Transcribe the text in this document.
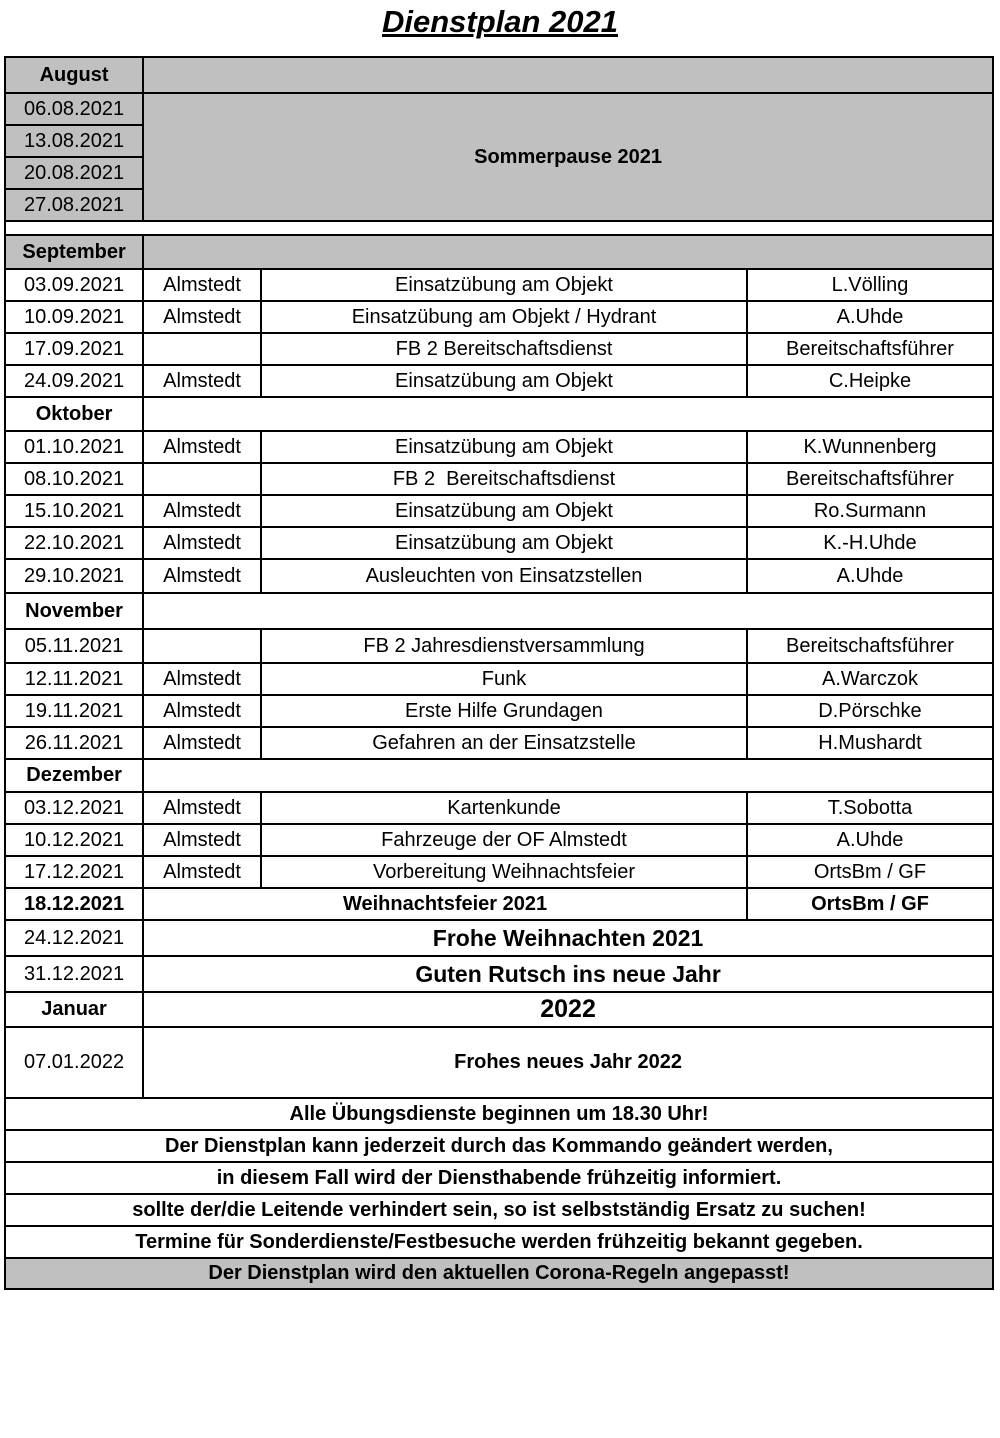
Dienstplan 2021
August			
06.08.2021	Sommerpause 2021		
13.08.2021			
20.08.2021			
27.08.2021			

September			
03.09.2021	Almstedt	Einsatzübung am Objekt	L.Völling
10.09.2021	Almstedt	Einsatzübung am Objekt / Hydrant	A.Uhde
17.09.2021		FB 2 Bereitschaftsdienst	Bereitschaftsführer
24.09.2021	Almstedt	Einsatzübung am Objekt	C.Heipke
Oktober			
01.10.2021	Almstedt	Einsatzübung am Objekt	K.Wunnenberg
08.10.2021		FB 2  Bereitschaftsdienst	Bereitschaftsführer
15.10.2021	Almstedt	Einsatzübung am Objekt	Ro.Surmann
22.10.2021	Almstedt	Einsatzübung am Objekt	K.-H.Uhde
29.10.2021	Almstedt	Ausleuchten von Einsatzstellen	A.Uhde
November			
05.11.2021		FB 2 Jahresdienstversammlung	Bereitschaftsführer
12.11.2021	Almstedt	Funk	A.Warczok
19.11.2021	Almstedt	Erste Hilfe Grundagen	D.Pörschke
26.11.2021	Almstedt	Gefahren an der Einsatzstelle	H.Mushardt
Dezember			
03.12.2021	Almstedt	Kartenkunde	T.Sobotta
10.12.2021	Almstedt	Fahrzeuge der OF Almstedt	A.Uhde
17.12.2021	Almstedt	Vorbereitung Weihnachtsfeier	OrtsBm / GF
18.12.2021	Weihnachtsfeier 2021		OrtsBm / GF
24.12.2021	Frohe Weihnachten 2021		
31.12.2021	Guten Rutsch ins neue Jahr		
Januar	2022		
07.01.2022	Frohes neues Jahr 2022		
Alle Übungsdienste beginnen um 18.30 Uhr!			
Der Dienstplan kann jederzeit durch das Kommando geändert werden,			
in diesem Fall wird der Diensthabende frühzeitig informiert.			
sollte der/die Leitende verhindert sein, so ist selbstständig Ersatz zu suchen!			
Termine für Sonderdienste/Festbesuche werden frühzeitig bekannt gegeben.			
Der Dienstplan wird den aktuellen Corona-Regeln angepasst!			
